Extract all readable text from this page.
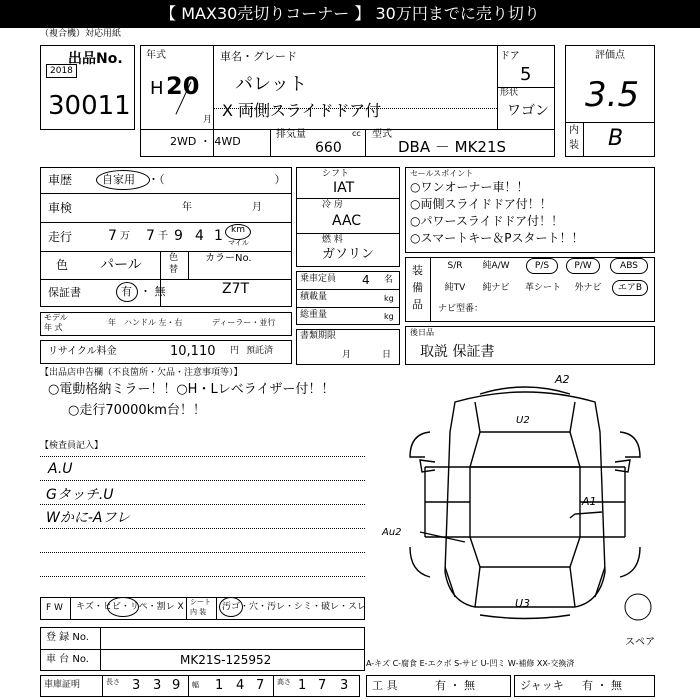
【 MAX30売切りコーナー 】 30万円までに売り切り
（複合機）対応用紙
出品No.
2018
30011
年式
H 20
月
車名・グレード
パレット
X 両側スライドドア付
2WD ・ 4WD
排気量	cc
660
型式
DBA － MK21S
ドア
5
形状
ワゴン
評価点
3.5
内
装 B
車歴	自家用 ・（　　　　　　　　　　）
車検	年	月
走行	7 万 7 千 9 4 1 km
マイル
色 パール	色
替
カラーNo.
Z7T
保証書	有 ・ 無
モデル
年 式
年 ハンドル 左・右	ディーラー・並行
リサイクル料金	10,110 円 預託済
シフト
IAT
冷 房
AAC
燃 料
ガソリン
乗車定員 4 名
積載量	kg
総重量	kg
書類期限
月	日
セールスポイント
○ワンオーナー車！！
○両側スライドドア付！！
○パワースライドドア付！！
○スマートキー＆Pスタート！！
装
備
品
S/R	純A/W	P/S	P/W	ABS
純TV	純ナビ	革シート	外ナビ	エアB
ナビ型番：
後日品
取説 保証書
【出品店申告欄（不良箇所・欠品・注意事項等）】
○電動格納ミラー！！○H・Lレベライザー付！！
○走行70000km台！！
【検査員記入】
A.U
Gタッチ.U
Wかに-Aフレ
A2
U2
A1
Au2
U3
スペア
F W キズ・ヒビ・リペ・割レ X シート
内 装 汚ゴ・穴・汚レ・シミ・破レ・スレ
登 録 No.
車 台 No.	MK21S-125952	A-キズ C-腐食 E-エクボ S-サビ U-凹ミ W-補修 XX-交換済
車庫証明	長さ 3 3 9 幅 1 4 7 高さ 1 7 3 工 具	有 ・ 無	ジャッキ 有 ・ 無
